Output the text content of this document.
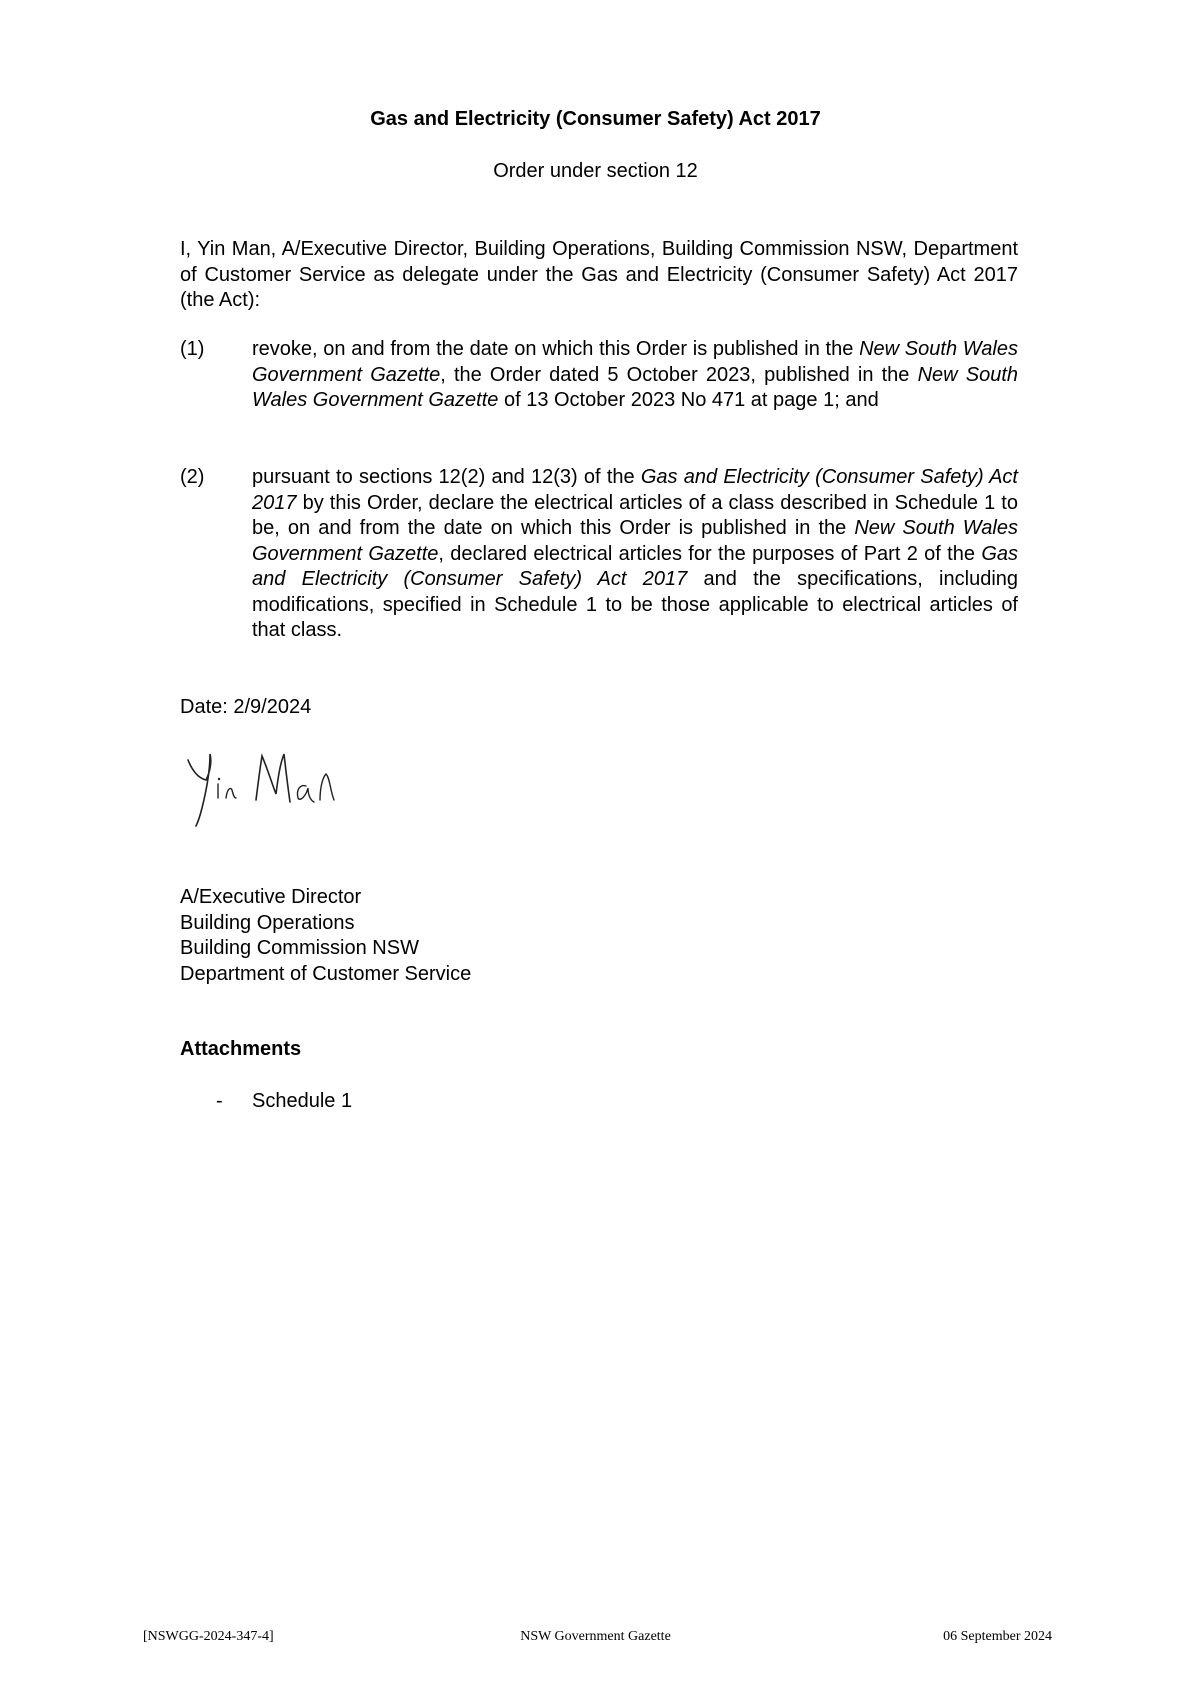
Gas and Electricity (Consumer Safety) Act 2017
Order under section 12
I, Yin Man, A/Executive Director, Building Operations, Building Commission NSW, Department of Customer Service as delegate under the Gas and Electricity (Consumer Safety) Act 2017 (the Act):
(1) revoke, on and from the date on which this Order is published in the New South Wales Government Gazette, the Order dated 5 October 2023, published in the New South Wales Government Gazette of 13 October 2023 No 471 at page 1; and
(2) pursuant to sections 12(2) and 12(3) of the Gas and Electricity (Consumer Safety) Act 2017 by this Order, declare the electrical articles of a class described in Schedule 1 to be, on and from the date on which this Order is published in the New South Wales Government Gazette, declared electrical articles for the purposes of Part 2 of the Gas and Electricity (Consumer Safety) Act 2017 and the specifications, including modifications, specified in Schedule 1 to be those applicable to electrical articles of that class.
Date: 2/9/2024
A/Executive Director
Building Operations
Building Commission NSW
Department of Customer Service
Attachments
- Schedule 1
[NSWGG-2024-347-4]	NSW Government Gazette	06 September 2024
